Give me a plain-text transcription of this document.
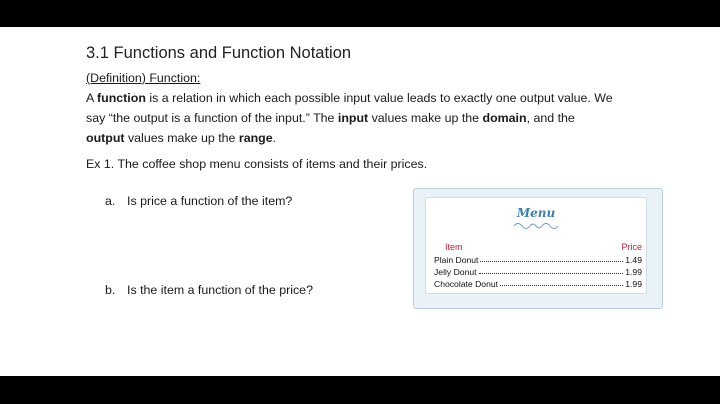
3.1 Functions and Function Notation
(Definition) Function:
A function is a relation in which each possible input value leads to exactly one output value. We
say “the output is a function of the input.” The input values make up the domain, and the
output values make up the range.
Ex 1. The coffee shop menu consists of items and their prices.
a. Is price a function of the item?
b. Is the item a function of the price?
Menu
Item	Price
Plain Donut	1.49
Jelly Donut	1.99
Chocolate Donut	1.99
